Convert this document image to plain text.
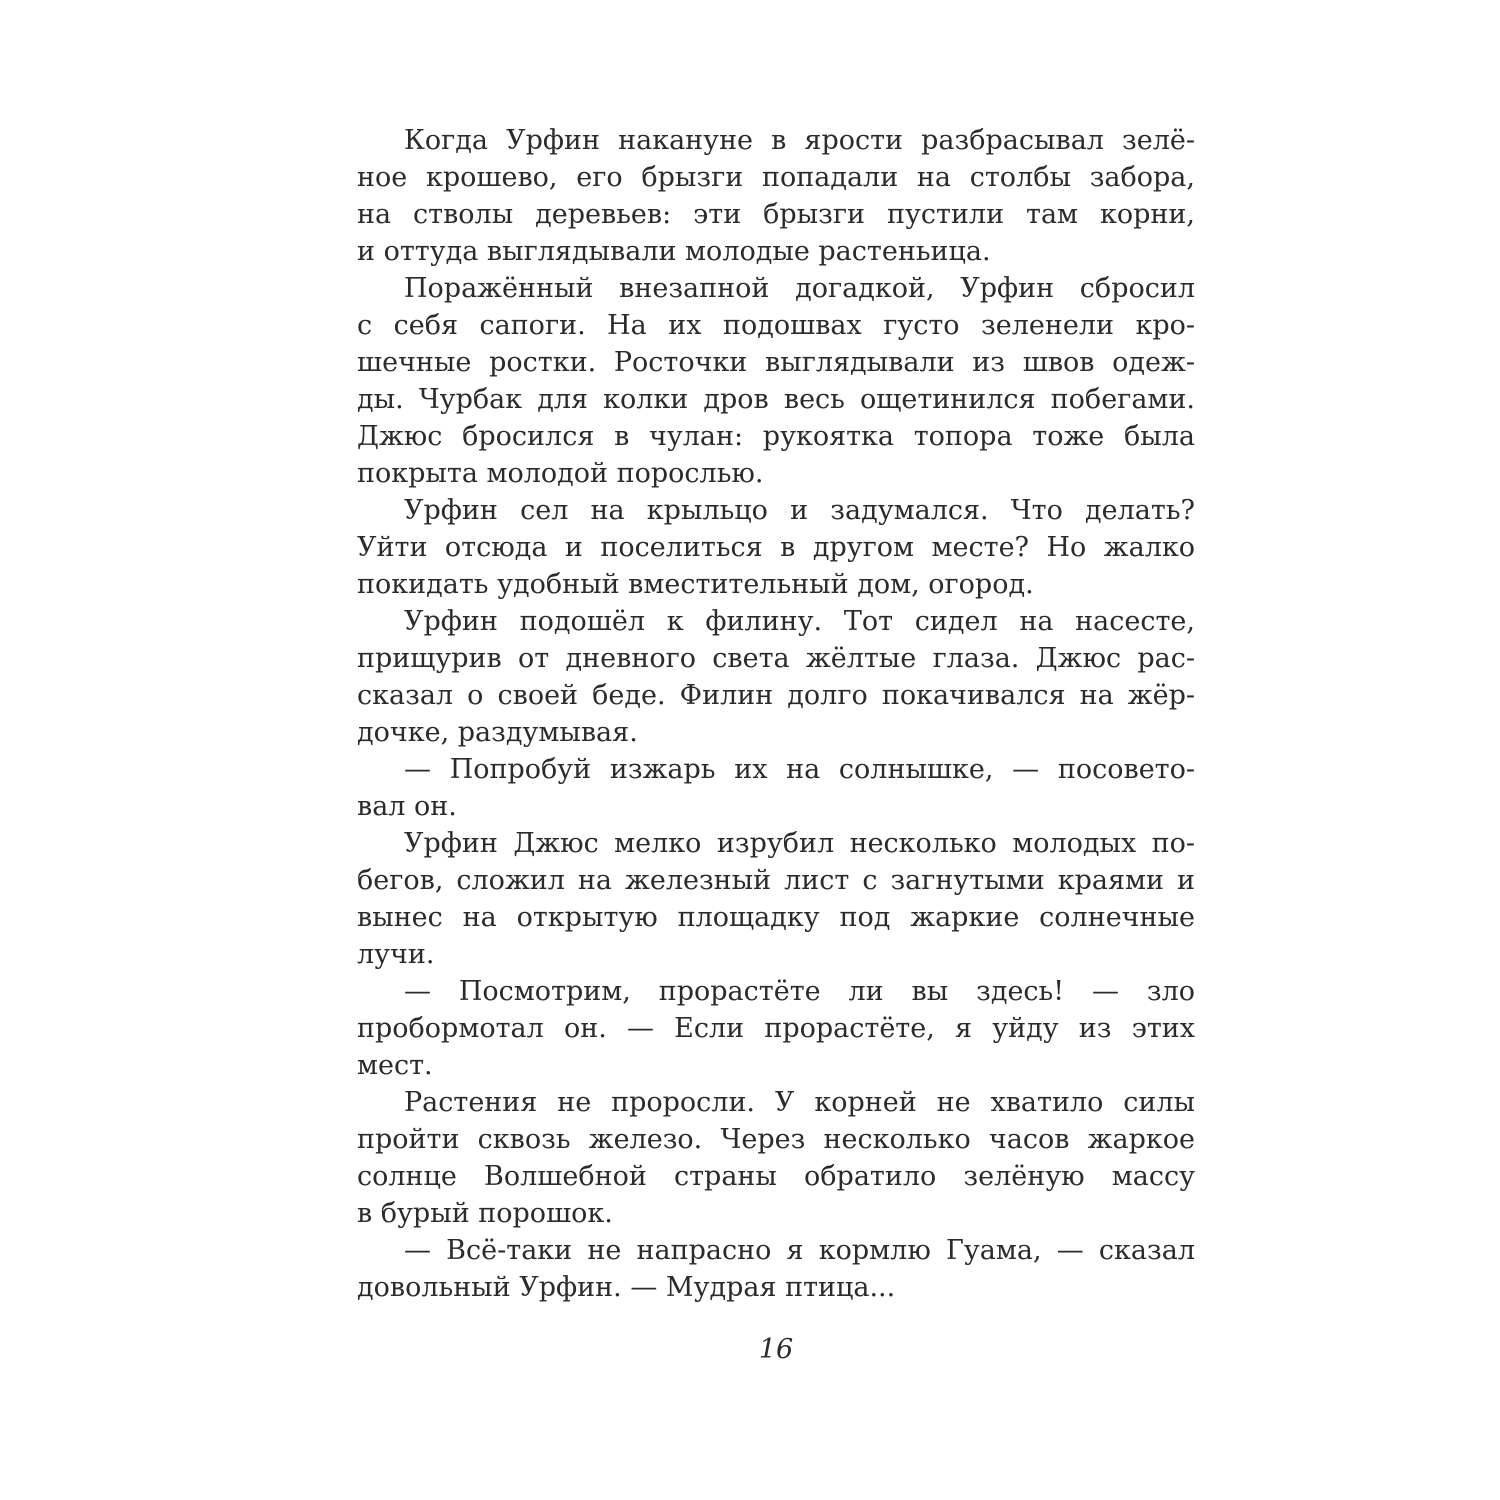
Когда Урфин накануне в ярости разбрасывал зелё-
ное крошево, его брызги попадали на столбы забора,
на стволы деревьев: эти брызги пустили там корни,
и оттуда выглядывали молодые растеньица.

Поражённый внезапной догадкой, Урфин сбросил
с себя сапоги. На их подошвах густо зеленели кро-
шечные ростки. Росточки выглядывали из швов одеж-
ды. Чурбак для колки дров весь ощетинился побегами.
Джюс бросился в чулан: рукоятка топора тоже была
покрыта молодой порослью.

Урфин сел на крыльцо и задумался. Что делать?
Уйти отсюда и поселиться в другом месте? Но жалко
покидать удобный вместительный дом, огород.

Урфин подошёл к филину. Тот сидел на насесте,
прищурив от дневного света жёлтые глаза. Джюс рас-
сказал о своей беде. Филин долго покачивался на жёр-
дочке, раздумывая.

— Попробуй изжарь их на солнышке, — посовето-
вал он.

Урфин Джюс мелко изрубил несколько молодых по-
бегов, сложил на железный лист с загнутыми краями и
вынес на открытую площадку под жаркие солнечные
лучи.

— Посмотрим, прорастёте ли вы здесь! — зло
пробормотал он. — Если прорастёте, я уйду из этих
мест.

Растения не проросли. У корней не хватило силы
пройти сквозь железо. Через несколько часов жаркое
солнце Волшебной страны обратило зелёную массу
в бурый порошок.

— Всё-таки не напрасно я кормлю Гуама, — сказал
довольный Урфин. — Мудрая птица...

16
